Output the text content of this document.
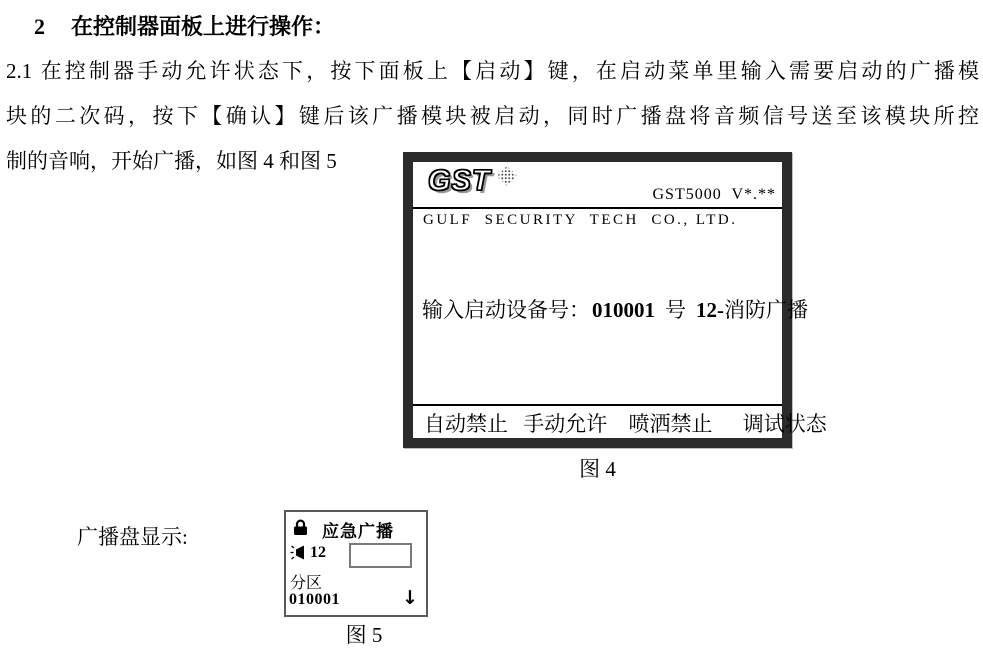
2 在控制器面板上进行操作：
2.1 在控制器手动允许状态下，按下面板上【启动】键，在启动菜单里输入需要启动的广播模
块的二次码，按下【确认】键后该广播模块被启动，同时广播盘将音频信号送至该模块所控
制的音响，开始广播，如图 4 和图 5
GST	GST5000  V*.**
GULF  SECURITY  TECH  CO., LTD.
输入启动设备号：010001 号 12-消防广播
自动禁止 手动允许 喷洒禁止 调试状态
图 4
广播盘显示:	应急广播
12
分区
010001	↓
图 5
